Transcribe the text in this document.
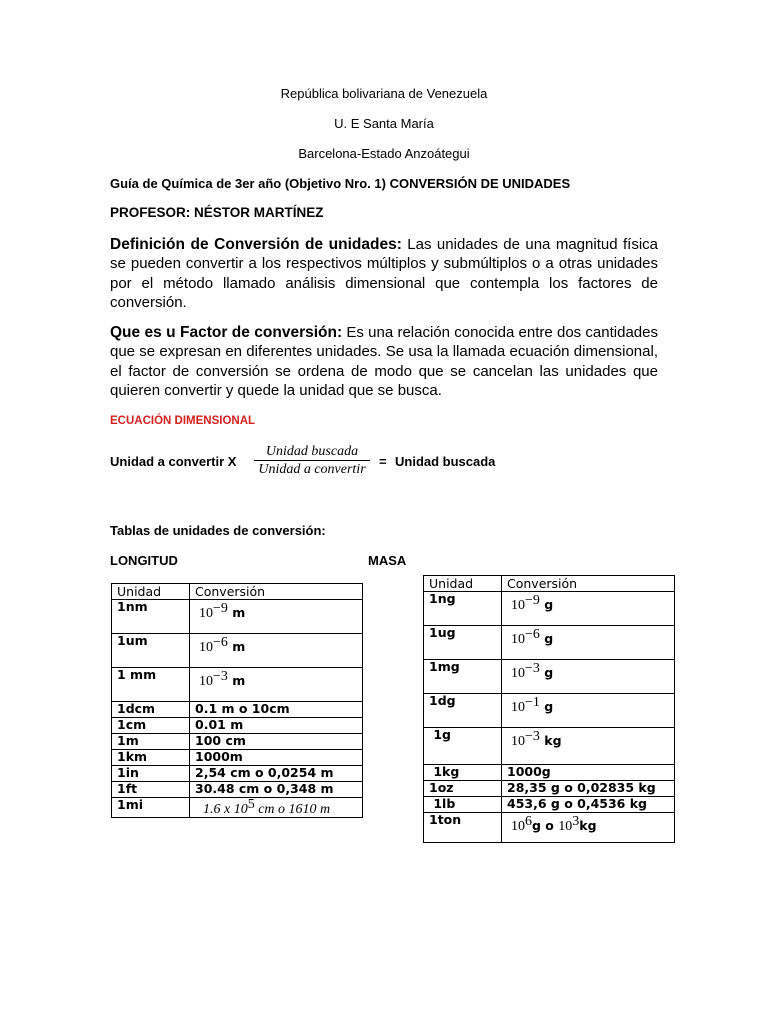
República bolivariana de Venezuela
U. E Santa María
Barcelona-Estado Anzoátegui
Guía de Química de 3er año (Objetivo Nro. 1) CONVERSIÓN DE UNIDADES
PROFESOR: NÉSTOR MARTÍNEZ
Definición de Conversión de unidades: Las unidades de una magnitud física se pueden convertir a los respectivos múltiplos y submúltiplos o a otras unidades por el método llamado análisis dimensional que contempla los factores de conversión.
Que es u Factor de conversión: Es una relación conocida entre dos cantidades que se expresan en diferentes unidades. Se usa la llamada ecuación dimensional, el factor de conversión se ordena de modo que se cancelan las unidades que quieren convertir y quede la unidad que se busca.
ECUACIÓN DIMENSIONAL
Unidad a convertir X
Unidad buscada
Unidad a convertir
= Unidad buscada
Tablas de unidades de conversión:
LONGITUD	MASA
Unidad	Conversión
1nm	$10^{-9}$ m
1um	$10^{-6}$ m
1 mm	$10^{-3}$ m
1dcm	0.1 m o 10cm
1cm	0.01 m
1m	100 cm
1km	1000m
1in	2,54 cm o 0,0254 m
1ft	30.48 cm o 0,348 m
1mi	1.6 x $10^5$ cm o 1610 m
Unidad	Conversión
1ng	$10^{-9}$ g
1ug	$10^{-6}$ g
1mg	$10^{-3}$ g
1dg	$10^{-1}$ g
1g	$10^{-3}$ kg
1kg	1000g
1oz	28,35 g o 0,02835 kg
1lb	453,6 g o 0,4536 kg
1ton	$10^6g$ o $10^3kg$
